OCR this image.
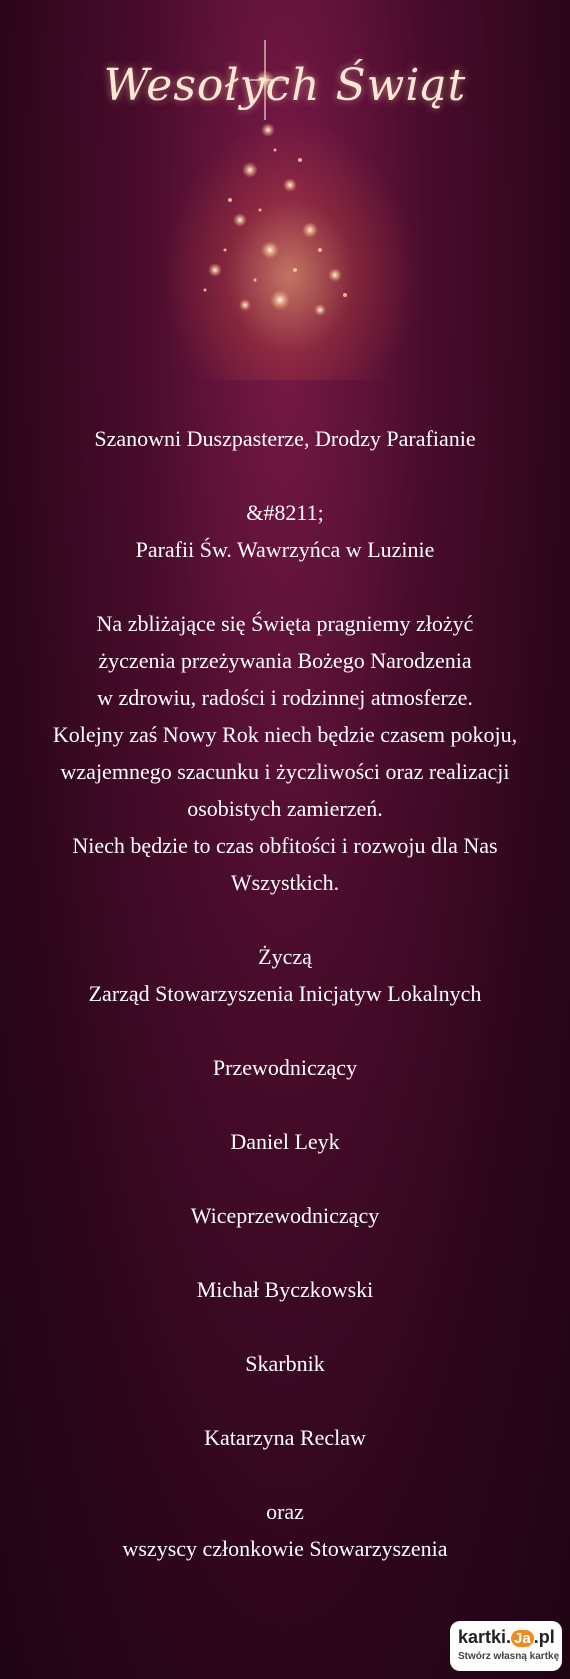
Wesołych Świąt

Szanowni Duszpasterze, Drodzy Parafianie

&#8211;

Parafii Św. Wawrzyńca w Luzinie

Na zbliżające się Święta pragniemy złożyć

życzenia przeżywania Bożego Narodzenia

w zdrowiu, radości i rodzinnej atmosferze.

Kolejny zaś Nowy Rok niech będzie czasem pokoju,

wzajemnego szacunku i życzliwości oraz realizacji

osobistych zamierzeń.

Niech będzie to czas obfitości i rozwoju dla Nas

Wszystkich.

Życzą

Zarząd Stowarzyszenia Inicjatyw Lokalnych

Przewodniczący

Daniel Leyk

Wiceprzewodniczący

Michał Byczkowski

Skarbnik

Katarzyna Reclaw

oraz

wszyscy członkowie Stowarzyszenia

kartki. Ja .pl
Stwórz własną kartkę
